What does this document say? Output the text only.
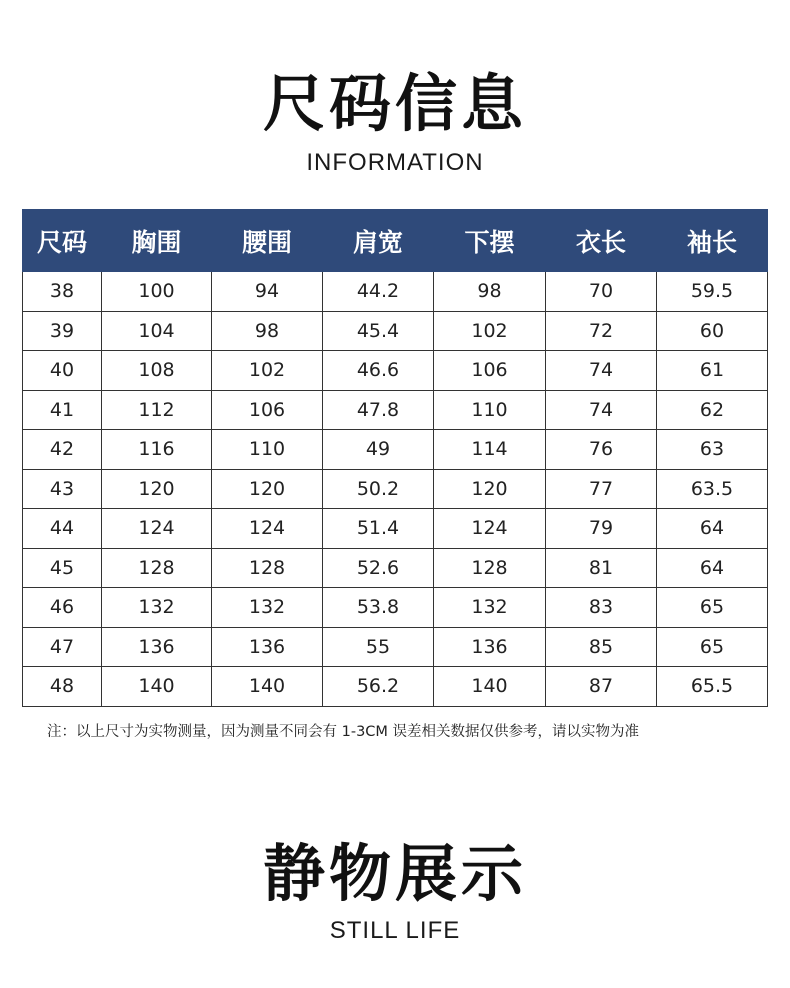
尺码信息
INFORMATION
尺码	胸围	腰围	肩宽	下摆	衣长	袖长
38	100	94	44.2	98	70	59.5
39	104	98	45.4	102	72	60
40	108	102	46.6	106	74	61
41	112	106	47.8	110	74	62
42	116	110	49	114	76	63
43	120	120	50.2	120	77	63.5
44	124	124	51.4	124	79	64
45	128	128	52.6	128	81	64
46	132	132	53.8	132	83	65
47	136	136	55	136	85	65
48	140	140	56.2	140	87	65.5
注：以上尺寸为实物测量，因为测量不同会有 1-3CM 误差相关数据仅供参考，请以实物为准
静物展示
STILL LIFE
